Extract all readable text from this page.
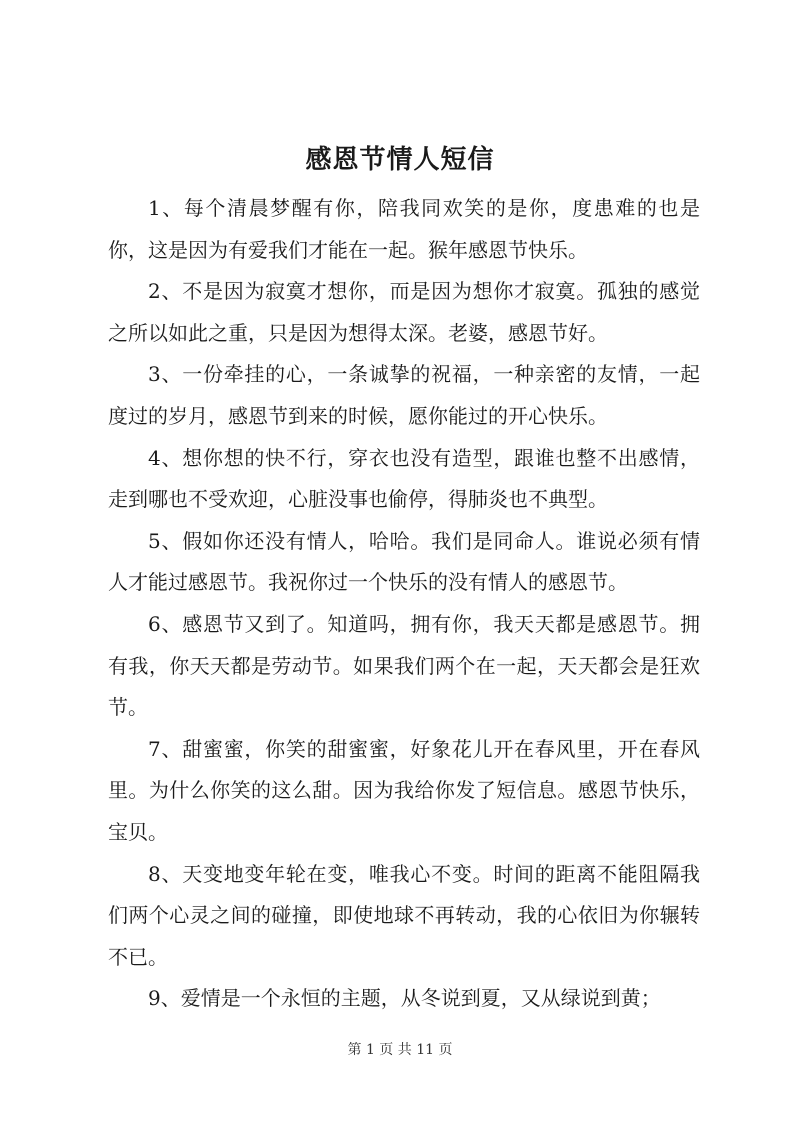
感恩节情人短信

1、每个清晨梦醒有你，陪我同欢笑的是你，度患难的也是你，这是因为有爱我们才能在一起。猴年感恩节快乐。

2、不是因为寂寞才想你，而是因为想你才寂寞。孤独的感觉之所以如此之重，只是因为想得太深。老婆，感恩节好。

3、一份牵挂的心，一条诚挚的祝福，一种亲密的友情，一起度过的岁月，感恩节到来的时候，愿你能过的开心快乐。

4、想你想的快不行，穿衣也没有造型，跟谁也整不出感情，走到哪也不受欢迎，心脏没事也偷停，得肺炎也不典型。

5、假如你还没有情人，哈哈。我们是同命人。谁说必须有情人才能过感恩节。我祝你过一个快乐的没有情人的感恩节。

6、感恩节又到了。知道吗，拥有你，我天天都是感恩节。拥有我，你天天都是劳动节。如果我们两个在一起，天天都会是狂欢节。

7、甜蜜蜜，你笑的甜蜜蜜，好象花儿开在春风里，开在春风里。为什么你笑的这么甜。因为我给你发了短信息。感恩节快乐，宝贝。

8、天变地变年轮在变，唯我心不变。时间的距离不能阻隔我们两个心灵之间的碰撞，即使地球不再转动，我的心依旧为你辗转不已。

9、爱情是一个永恒的主题，从冬说到夏，又从绿说到黄；

第 1 页 共 11 页
